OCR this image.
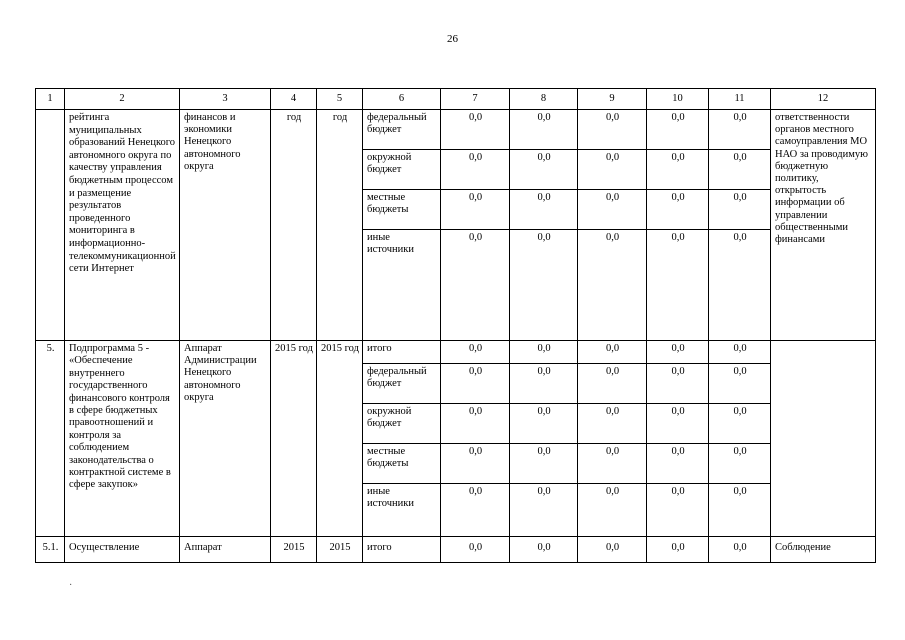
26
1	2	3	4	5	6	7	8	9	10	11	12
	рейтинга муниципальных образований Ненецкого автономного округа по качеству управления бюджетным процессом и размещение результатов проведенного мониторинга в информационно-телекоммуникационной сети Интернет	финансов и экономики Ненецкого автономного округа	год	год	федеральный бюджет	0,0	0,0	0,0	0,0	0,0	ответственности органов местного самоуправления МО НАО за проводимую бюджетную политику, открытость информации об управлении общественными финансами
					окружной бюджет	0,0	0,0	0,0	0,0	0,0	
					местные бюджеты	0,0	0,0	0,0	0,0	0,0	
					иные источники	0,0	0,0	0,0	0,0	0,0	
5.	Подпрограмма 5 - «Обеспечение внутреннего государственного финансового контроля в сфере бюджетных правоотношений и контроля за соблюдением законодательства о контрактной системе в сфере закупок»	Аппарат Администрации Ненецкого автономного округа	2015 год	2015 год	итого	0,0	0,0	0,0	0,0	0,0	
					федеральный бюджет	0,0	0,0	0,0	0,0	0,0	
					окружной бюджет	0,0	0,0	0,0	0,0	0,0	
					местные бюджеты	0,0	0,0	0,0	0,0	0,0	
					иные источники	0,0	0,0	0,0	0,0	0,0	
5.1.	Осуществление	Аппарат	2015	2015	итого	0,0	0,0	0,0	0,0	0,0	Соблюдение
·
